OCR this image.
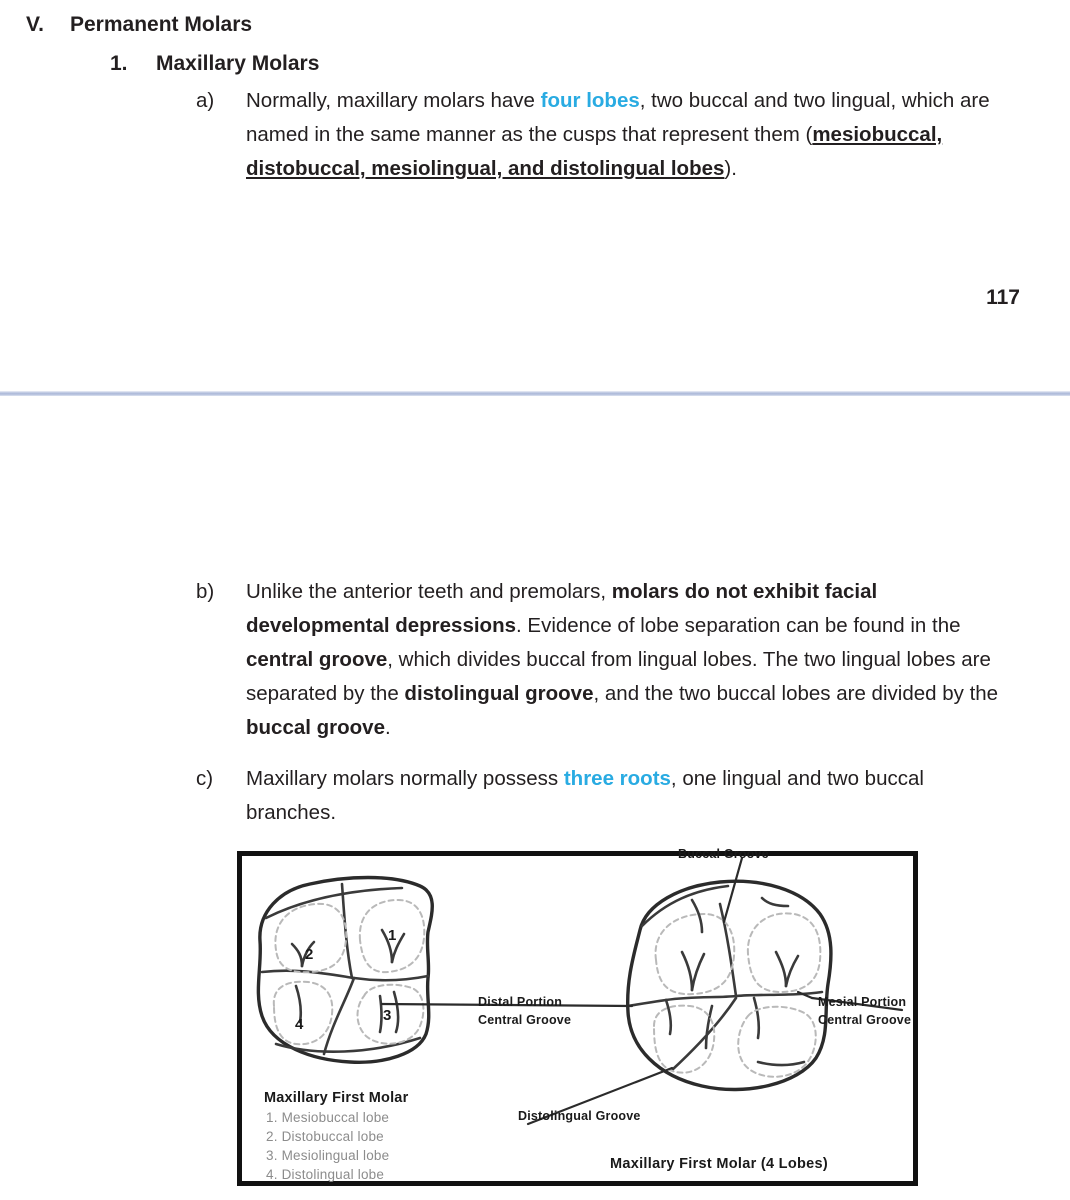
V.	Permanent Molars
1.	Maxillary Molars
a)	Normally, maxillary molars have four lobes, two buccal and two lingual, which are named in the same manner as the cusps that represent them (mesiobuccal, distobuccal, mesiolingual, and distolingual lobes).
b)	Unlike the anterior teeth and premolars, molars do not exhibit facial developmental depressions. Evidence of lobe separation can be found in the central groove, which divides buccal from lingual lobes. The two lingual lobes are separated by the distolingual groove, and the two buccal lobes are divided by the buccal groove.
c)	Maxillary molars normally possess three roots, one lingual and two buccal branches.
117
2
1
3
4
Maxillary First Molar
1. Mesiobuccal lobe
2. Distobuccal lobe
3. Mesiolingual lobe
4. Distolingual lobe
Distal Portion
Central Groove
Mesial Portion
Central Groove
Distolingual Groove
Buccal Groove
Maxillary First Molar (4 Lobes)
